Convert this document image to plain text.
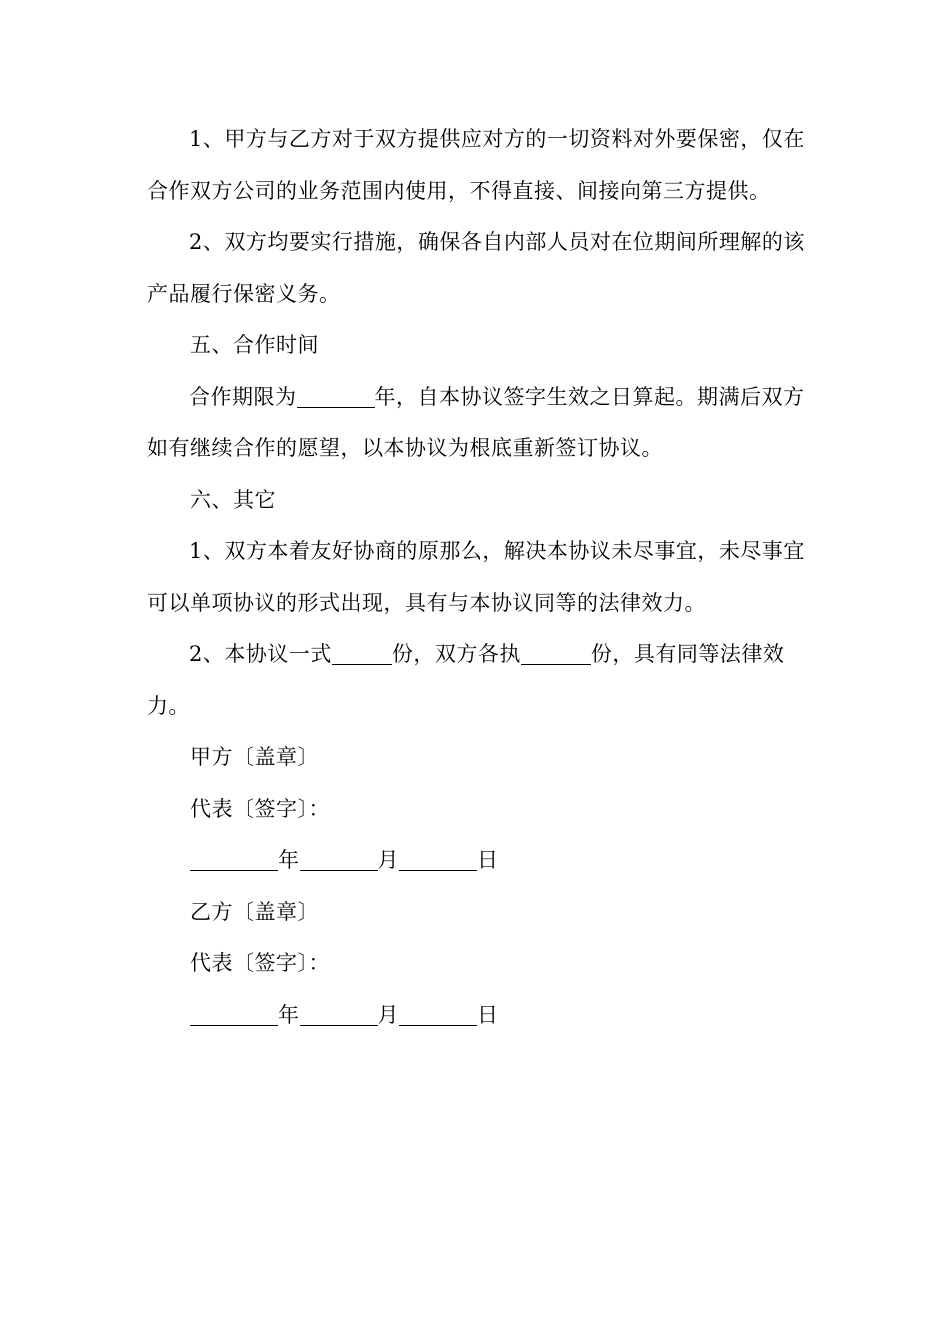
1、甲方与乙方对于双方提供应对方的一切资料对外要保密，仅在合作双方公司的业务范围内使用，不得直接、间接向第三方提供。

2、双方均要实行措施，确保各自内部人员对在位期间所理解的该产品履行保密义务。

五、合作时间

合作期限为	年，自本协议签字生效之日算起。期满后双方如有继续合作的愿望，以本协议为根底重新签订协议。

六、其它

1、双方本着友好协商的原那么，解决本协议未尽事宜，未尽事宜可以单项协议的形式出现，具有与本协议同等的法律效力。

2、本协议一式	份，双方各执	份，具有同等法律效力。

甲方〔盖章〕

代表〔签字〕：

年	月	日

乙方〔盖章〕

代表〔签字〕：

年	月	日
